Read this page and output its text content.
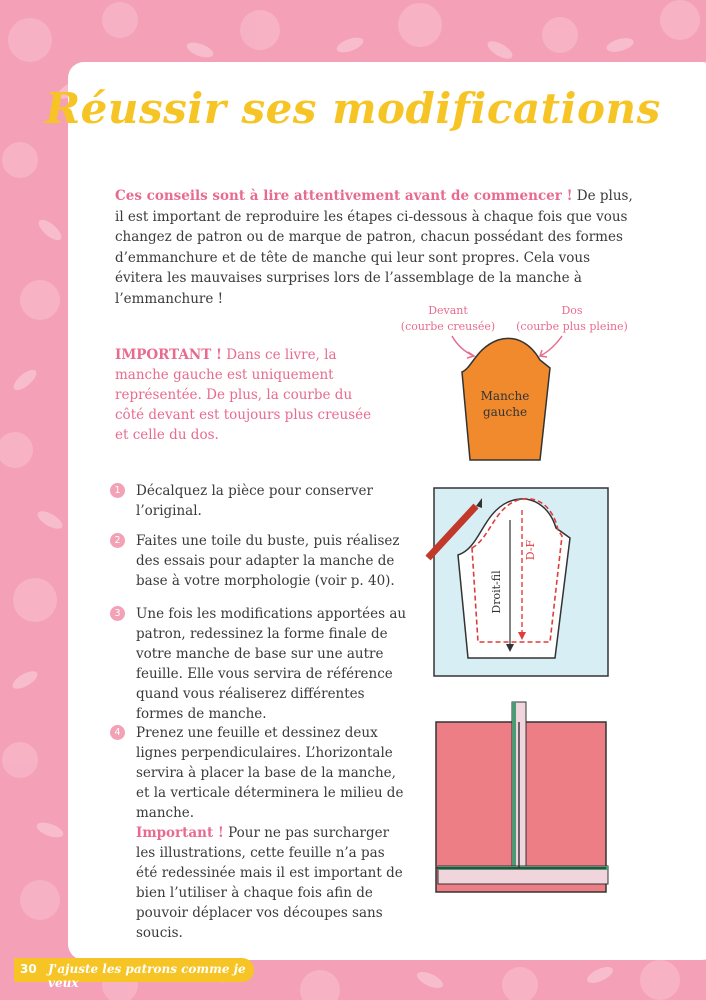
Réussir ses modifications
Ces conseils sont à lire attentivement avant de commencer ! De plus, il est important de reproduire les étapes ci-dessous à chaque fois que vous changez de patron ou de marque de patron, chacun possédant des formes d’emmanchure et de tête de manche qui leur sont propres. Cela vous évitera les mauvaises surprises lors de l’assemblage de la manche à l’emmanchure !
IMPORTANT ! Dans ce livre, la manche gauche est uniquement représentée. De plus, la courbe du côté devant est toujours plus creusée et celle du dos.
Devant
(courbe creusée)
Dos
(courbe plus pleine)
Manche
gauche
1	Décalquez la pièce pour conserver l’original.
2	Faites une toile du buste, puis réalisez des essais pour adapter la manche de base à votre morphologie (voir p. 40).
3	Une fois les modifications apportées au patron, redessinez la forme finale de votre manche de base sur une autre feuille. Elle vous servira de référence quand vous réaliserez différentes formes de manche.
4	Prenez une feuille et dessinez deux lignes perpendiculaires. L’horizontale servira à placer la base de la manche, et la verticale déterminera le milieu de manche.
Important ! Pour ne pas surcharger les illustrations, cette feuille n’a pas été redessinée mais il est important de bien l’utiliser à chaque fois afin de pouvoir déplacer vos découpes sans soucis.
Droit-fil
D-F
30 J'ajuste les patrons comme je veux
